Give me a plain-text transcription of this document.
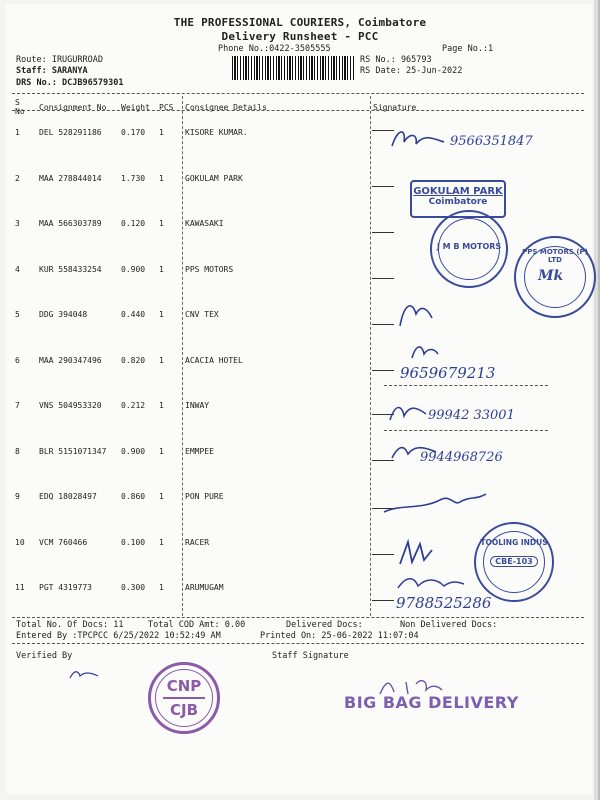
THE PROFESSIONAL COURIERS, Coimbatore
Delivery Runsheet - PCC
Phone No.:0422-3505555	Page No.:1
Route: IRUGURROAD
Staff: SARANYA
DRS No.: DCJB96579301
RS No.: 965793
RS Date: 25-Jun-2022
S No	Consignment No	Weight	PCS	Consignee Details	Signature
1	DEL 528291186	0.170	1	KISORE KUMAR.	
2	MAA 278844014	1.730	1	GOKULAM PARK	
3	MAA 566303789	0.120	1	KAWASAKI	
4	KUR 558433254	0.900	1	PPS MOTORS	
5	DDG 394048	0.440	1	CNV TEX	
6	MAA 290347496	0.820	1	ACACIA HOTEL	
7	VNS 504953320	0.212	1	INWAY	
8	BLR 5151071347	0.900	1	EMMPEE	
9	EDQ 18028497	0.860	1	PON PURE	
10	VCM 760466	0.100	1	RACER	
11	PGT 4319773	0.300	1	ARUMUGAM	
9566351847
9659679213
99942 33001
9944968726
9788525286
GOKULAM PARK
Coimbatore
J M B MOTORS
PPS MOTORS (P) LTD
Mk
TOOLING INDUS
CBE-103
Total No. Of Docs: 11	Total COD Amt: 0.00	Delivered Docs:	Non Delivered Docs:
Entered By :TPCPCC 6/25/2022 10:52:49 AM	Printed On: 25-06-2022 11:07:04
Verified By	Staff Signature
CNP
CJB	BIG BAG DELIVERY
